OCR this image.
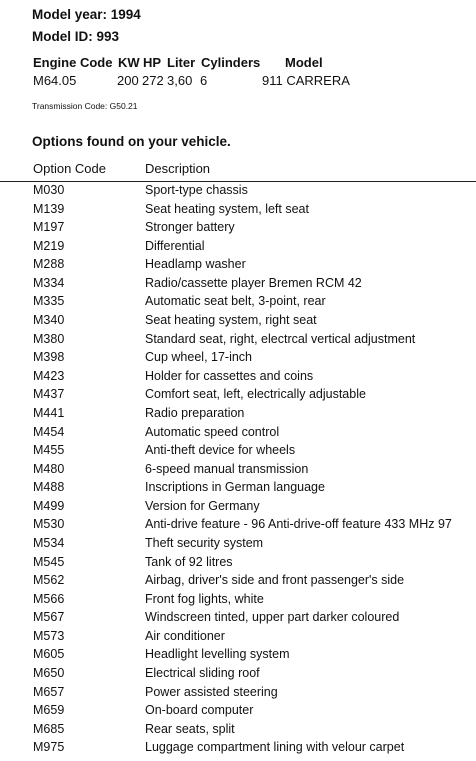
Model year: 1994
Model ID: 993
Engine Code KW HP Liter Cylinders Model
M64.05	200 272 3,60 6	911 CARRERA
Transmission Code: G50.21
Options found on your vehicle.
Option Code	Description
M030	Sport-type chassis
M139	Seat heating system, left seat
M197	Stronger battery
M219	Differential
M288	Headlamp washer
M334	Radio/cassette player Bremen RCM 42
M335	Automatic seat belt, 3-point, rear
M340	Seat heating system, right seat
M380	Standard seat, right, electrcal vertical adjustment
M398	Cup wheel, 17-inch
M423	Holder for cassettes and coins
M437	Comfort seat, left, electrically adjustable
M441	Radio preparation
M454	Automatic speed control
M455	Anti-theft device for wheels
M480	6-speed manual transmission
M488	Inscriptions in German language
M499	Version for Germany
M530	Anti-drive feature - 96 Anti-drive-off feature 433 MHz 97
M534	Theft security system
M545	Tank of 92 litres
M562	Airbag, driver's side and front passenger's side
M566	Front fog lights, white
M567	Windscreen tinted, upper part darker coloured
M573	Air conditioner
M605	Headlight levelling system
M650	Electrical sliding roof
M657	Power assisted steering
M659	On-board computer
M685	Rear seats, split
M975	Luggage compartment lining with velour carpet
